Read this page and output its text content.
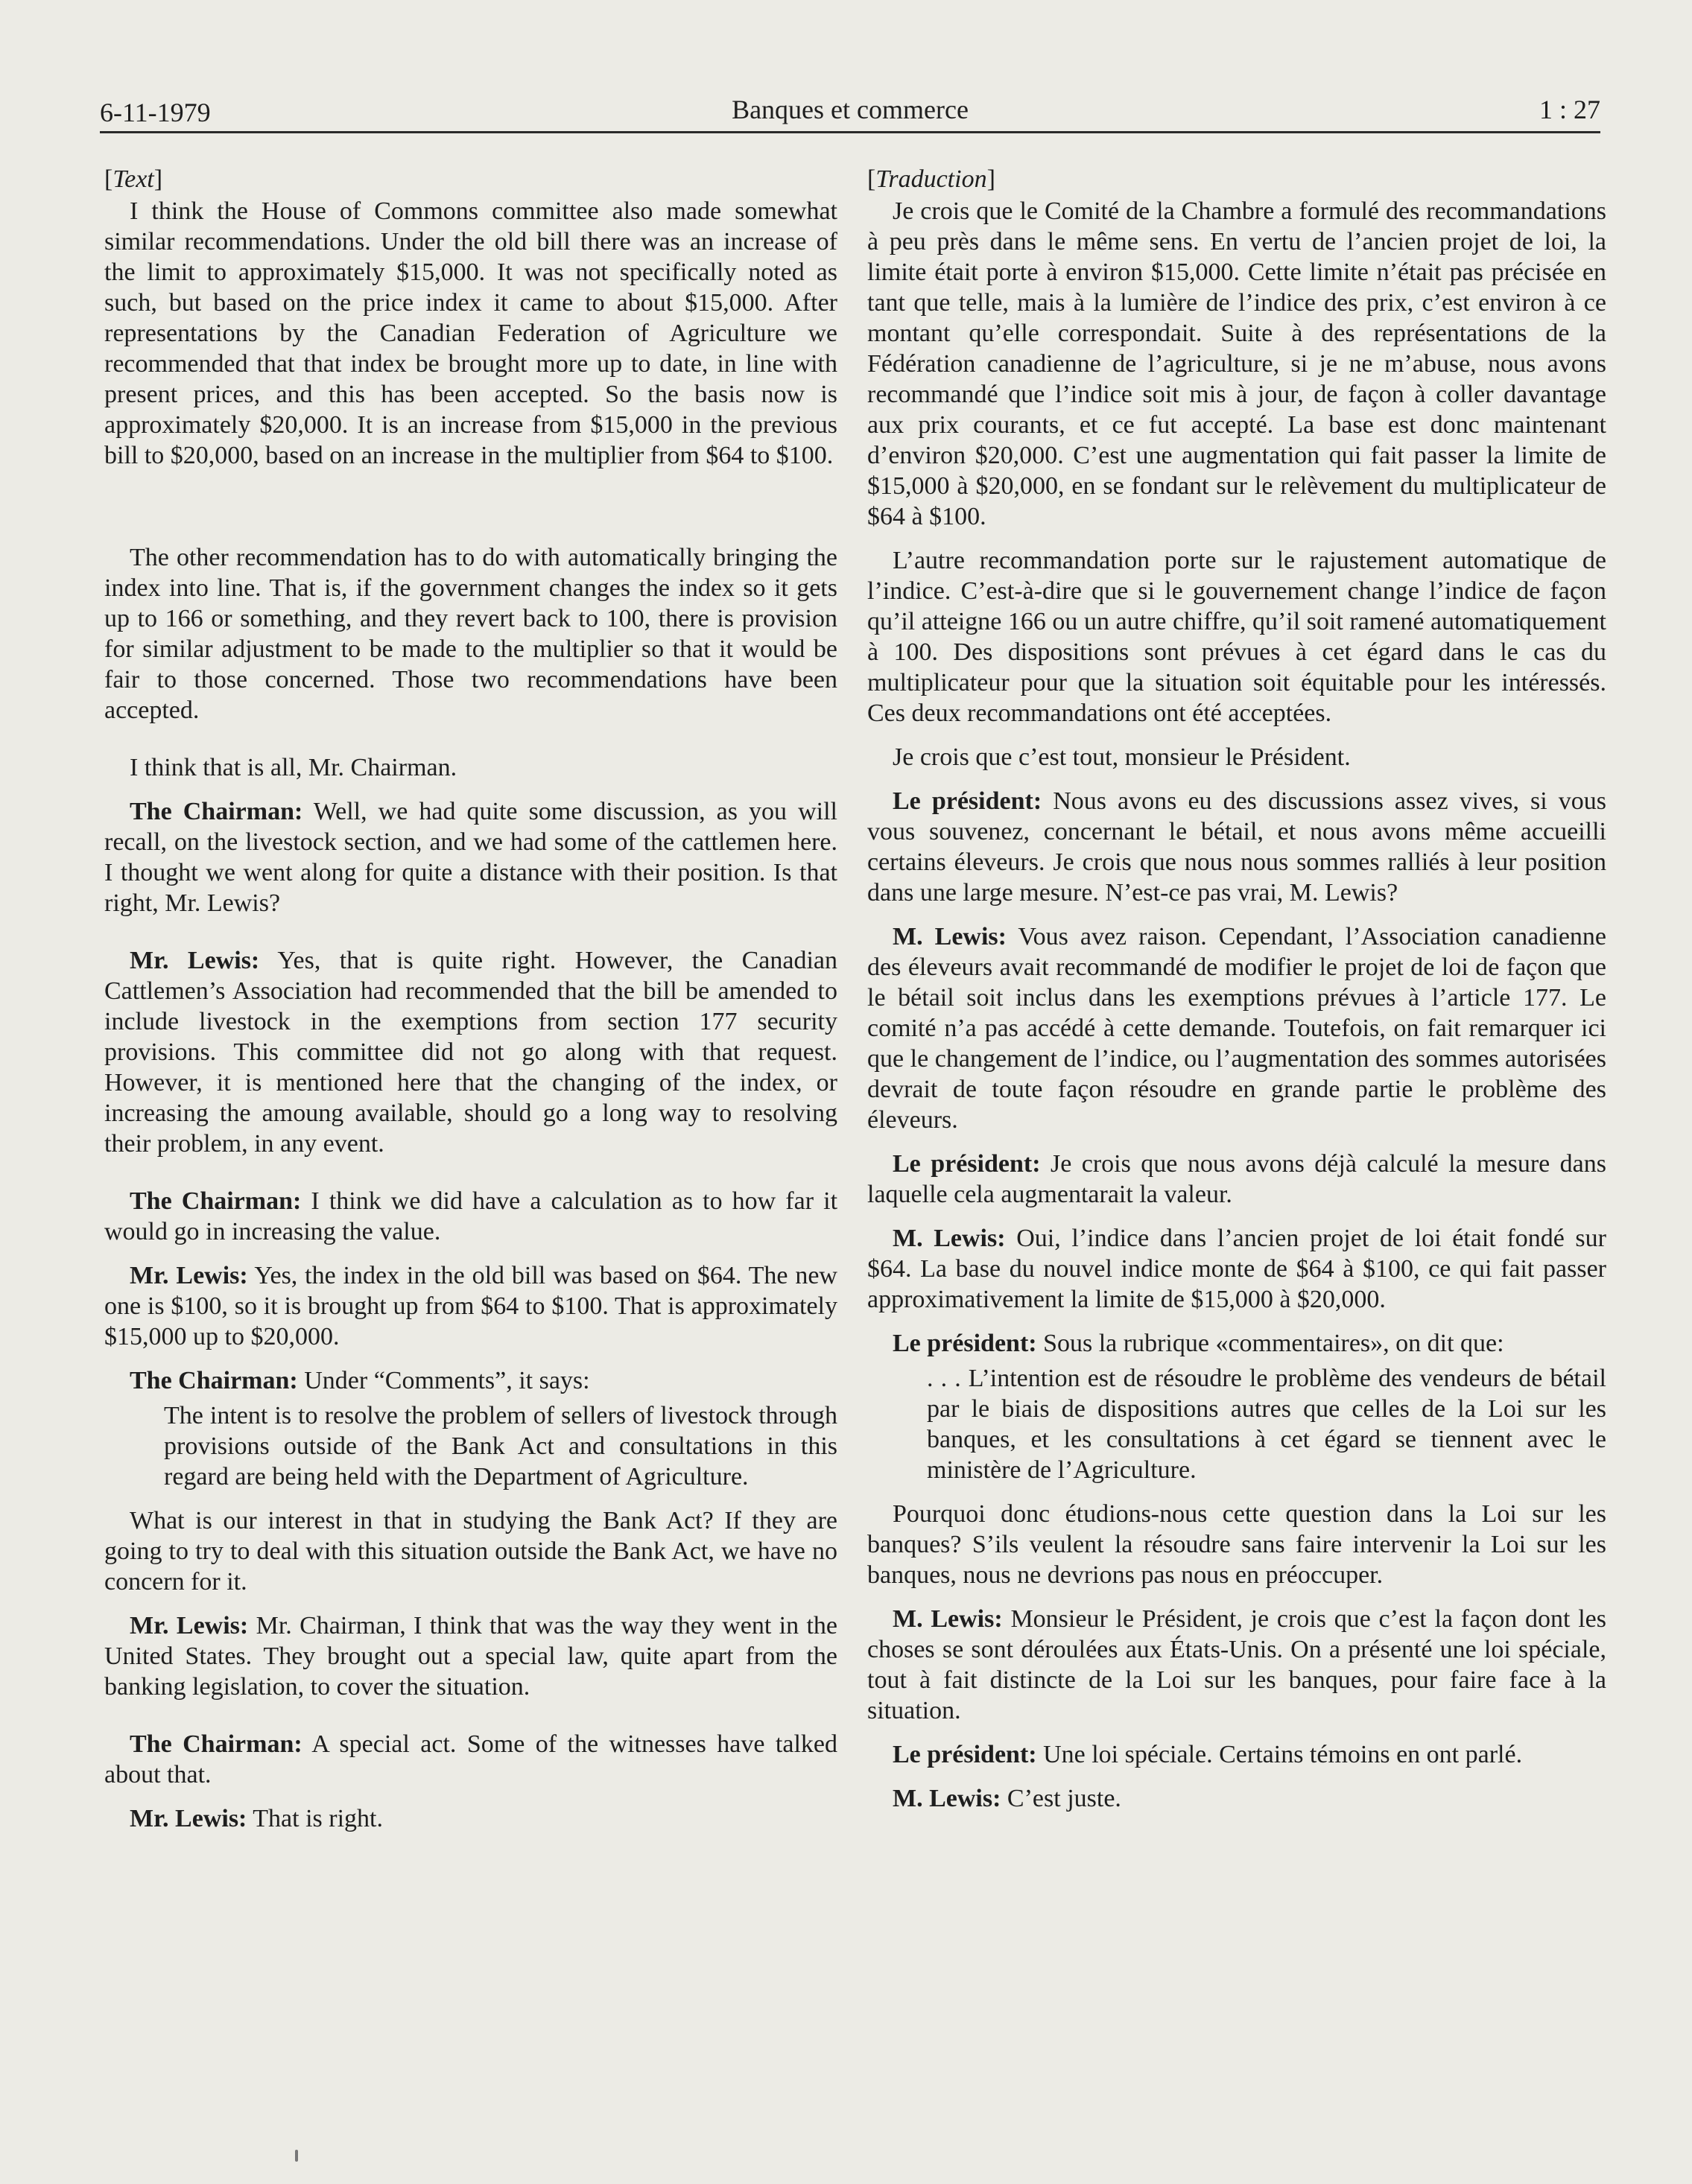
6-11-1979	Banques et commerce	1 : 27
[Text]

I think the House of Commons committee also made somewhat similar recommendations. Under the old bill there was an increase of the limit to approximately $15,000. It was not specifically noted as such, but based on the price index it came to about $15,000. After representations by the Canadian Federation of Agriculture we recommended that that index be brought more up to date, in line with present prices, and this has been accepted. So the basis now is approximately $20,000. It is an increase from $15,000 in the previous bill to $20,000, based on an increase in the multiplier from $64 to $100.

The other recommendation has to do with automatically bringing the index into line. That is, if the government changes the index so it gets up to 166 or something, and they revert back to 100, there is provision for similar adjustment to be made to the multiplier so that it would be fair to those concerned. Those two recommendations have been accepted.

I think that is all, Mr. Chairman.

The Chairman: Well, we had quite some discussion, as you will recall, on the livestock section, and we had some of the cattlemen here. I thought we went along for quite a distance with their position. Is that right, Mr. Lewis?

Mr. Lewis: Yes, that is quite right. However, the Canadian Cattlemen’s Association had recommended that the bill be amended to include livestock in the exemptions from section 177 security provisions. This committee did not go along with that request. However, it is mentioned here that the changing of the index, or increasing the amoung available, should go a long way to resolving their problem, in any event.

The Chairman: I think we did have a calculation as to how far it would go in increasing the value.

Mr. Lewis: Yes, the index in the old bill was based on $64. The new one is $100, so it is brought up from $64 to $100. That is approximately $15,000 up to $20,000.

The Chairman: Under “Comments”, it says:

The intent is to resolve the problem of sellers of livestock through provisions outside of the Bank Act and consultations in this regard are being held with the Department of Agriculture.

What is our interest in that in studying the Bank Act? If they are going to try to deal with this situation outside the Bank Act, we have no concern for it.

Mr. Lewis: Mr. Chairman, I think that was the way they went in the United States. They brought out a special law, quite apart from the banking legislation, to cover the situation.

The Chairman: A special act. Some of the witnesses have talked about that.

Mr. Lewis: That is right.

[Traduction]

Je crois que le Comité de la Chambre a formulé des recommandations à peu près dans le même sens. En vertu de l’ancien projet de loi, la limite était porte à environ $15,000. Cette limite n’était pas précisée en tant que telle, mais à la lumière de l’indice des prix, c’est environ à ce montant qu’elle correspondait. Suite à des représentations de la Fédération canadienne de l’agriculture, si je ne m’abuse, nous avons recommandé que l’indice soit mis à jour, de façon à coller davantage aux prix courants, et ce fut accepté. La base est donc maintenant d’environ $20,000. C’est une augmentation qui fait passer la limite de $15,000 à $20,000, en se fondant sur le relèvement du multiplicateur de $64 à $100.

L’autre recommandation porte sur le rajustement automatique de l’indice. C’est-à-dire que si le gouvernement change l’indice de façon qu’il atteigne 166 ou un autre chiffre, qu’il soit ramené automatiquement à 100. Des dispositions sont prévues à cet égard dans le cas du multiplicateur pour que la situation soit équitable pour les intéressés. Ces deux recommandations ont été acceptées.

Je crois que c’est tout, monsieur le Président.

Le président: Nous avons eu des discussions assez vives, si vous vous souvenez, concernant le bétail, et nous avons même accueilli certains éleveurs. Je crois que nous nous sommes ralliés à leur position dans une large mesure. N’est-ce pas vrai, M. Lewis?

M. Lewis: Vous avez raison. Cependant, l’Association canadienne des éleveurs avait recommandé de modifier le projet de loi de façon que le bétail soit inclus dans les exemptions prévues à l’article 177. Le comité n’a pas accédé à cette demande. Toutefois, on fait remarquer ici que le changement de l’indice, ou l’augmentation des sommes autorisées devrait de toute façon résoudre en grande partie le problème des éleveurs.

Le président: Je crois que nous avons déjà calculé la mesure dans laquelle cela augmentarait la valeur.

M. Lewis: Oui, l’indice dans l’ancien projet de loi était fondé sur $64. La base du nouvel indice monte de $64 à $100, ce qui fait passer approximativement la limite de $15,000 à $20,000.

Le président: Sous la rubrique «commentaires», on dit que:

. . . L’intention est de résoudre le problème des vendeurs de bétail par le biais de dispositions autres que celles de la Loi sur les banques, et les consultations à cet égard se tiennent avec le ministère de l’Agriculture.

Pourquoi donc étudions-nous cette question dans la Loi sur les banques? S’ils veulent la résoudre sans faire intervenir la Loi sur les banques, nous ne devrions pas nous en préoccuper.

M. Lewis: Monsieur le Président, je crois que c’est la façon dont les choses se sont déroulées aux États-Unis. On a présenté une loi spéciale, tout à fait distincte de la Loi sur les banques, pour faire face à la situation.

Le président: Une loi spéciale. Certains témoins en ont parlé.

M. Lewis: C’est juste.
